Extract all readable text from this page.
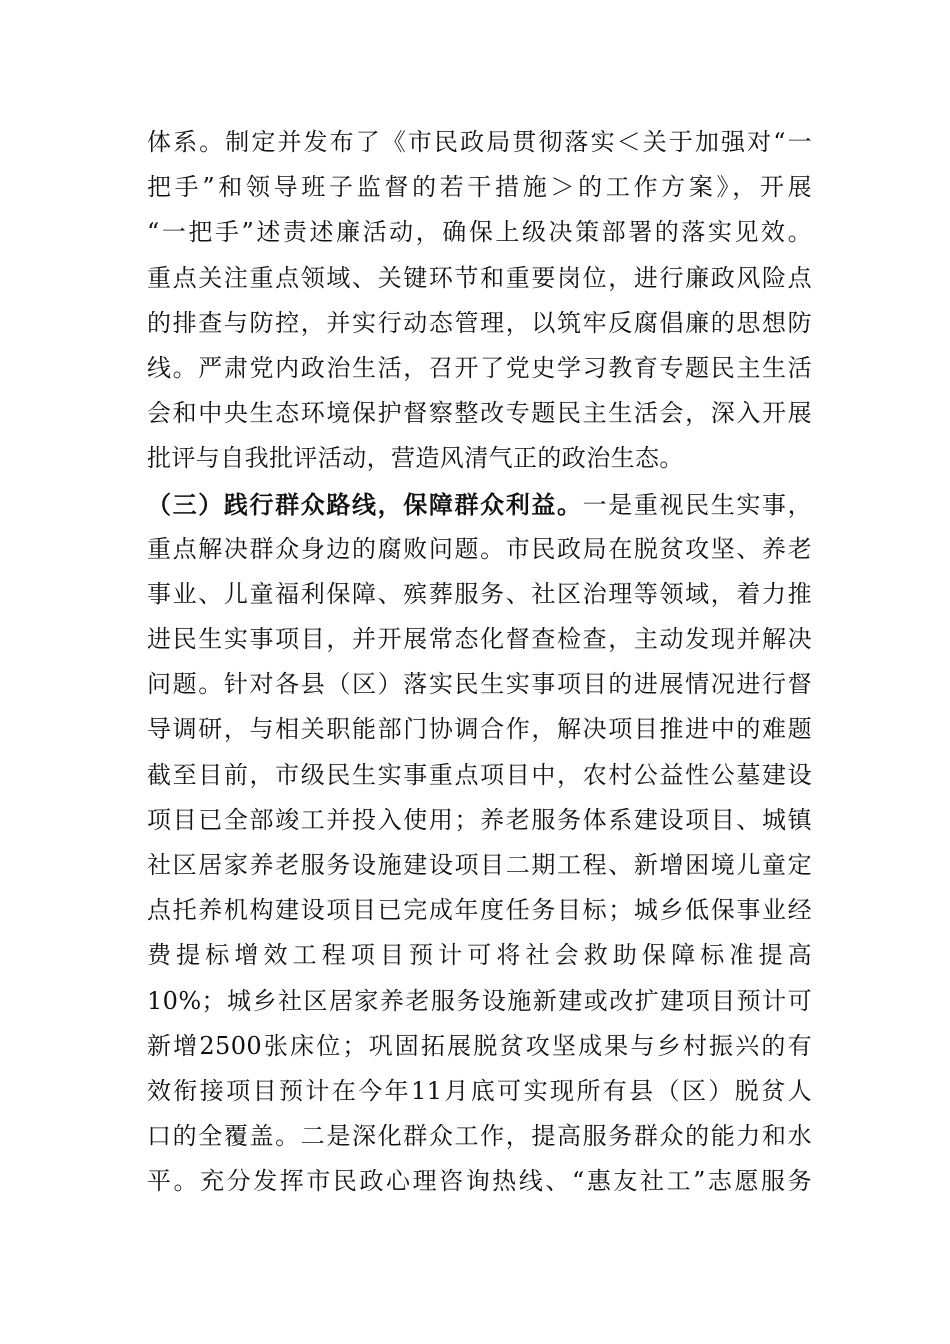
体系。制定并发布了《市民政局贯彻落实＜关于加强对“一
把手”和领导班子监督的若干措施＞的工作方案》，开展
“一把手”述责述廉活动，确保上级决策部署的落实见效。
重点关注重点领域、关键环节和重要岗位，进行廉政风险点
的排查与防控，并实行动态管理，以筑牢反腐倡廉的思想防
线。严肃党内政治生活，召开了党史学习教育专题民主生活
会和中央生态环境保护督察整改专题民主生活会，深入开展
批评与自我批评活动，营造风清气正的政治生态。
（三）践行群众路线，保障群众利益。一是重视民生实事，
重点解决群众身边的腐败问题。市民政局在脱贫攻坚、养老
事业、儿童福利保障、殡葬服务、社区治理等领域，着力推
进民生实事项目，并开展常态化督查检查，主动发现并解决
问题。针对各县（区）落实民生实事项目的进展情况进行督
导调研，与相关职能部门协调合作，解决项目推进中的难题
截至目前，市级民生实事重点项目中，农村公益性公墓建设
项目已全部竣工并投入使用；养老服务体系建设项目、城镇
社区居家养老服务设施建设项目二期工程、新增困境儿童定
点托养机构建设项目已完成年度任务目标；城乡低保事业经
费提标增效工程项目预计可将社会救助保障标准提高
10%；城乡社区居家养老服务设施新建或改扩建项目预计可
新增2500张床位；巩固拓展脱贫攻坚成果与乡村振兴的有
效衔接项目预计在今年11月底可实现所有县（区）脱贫人
口的全覆盖。二是深化群众工作，提高服务群众的能力和水
平。充分发挥市民政心理咨询热线、“惠友社工”志愿服务
